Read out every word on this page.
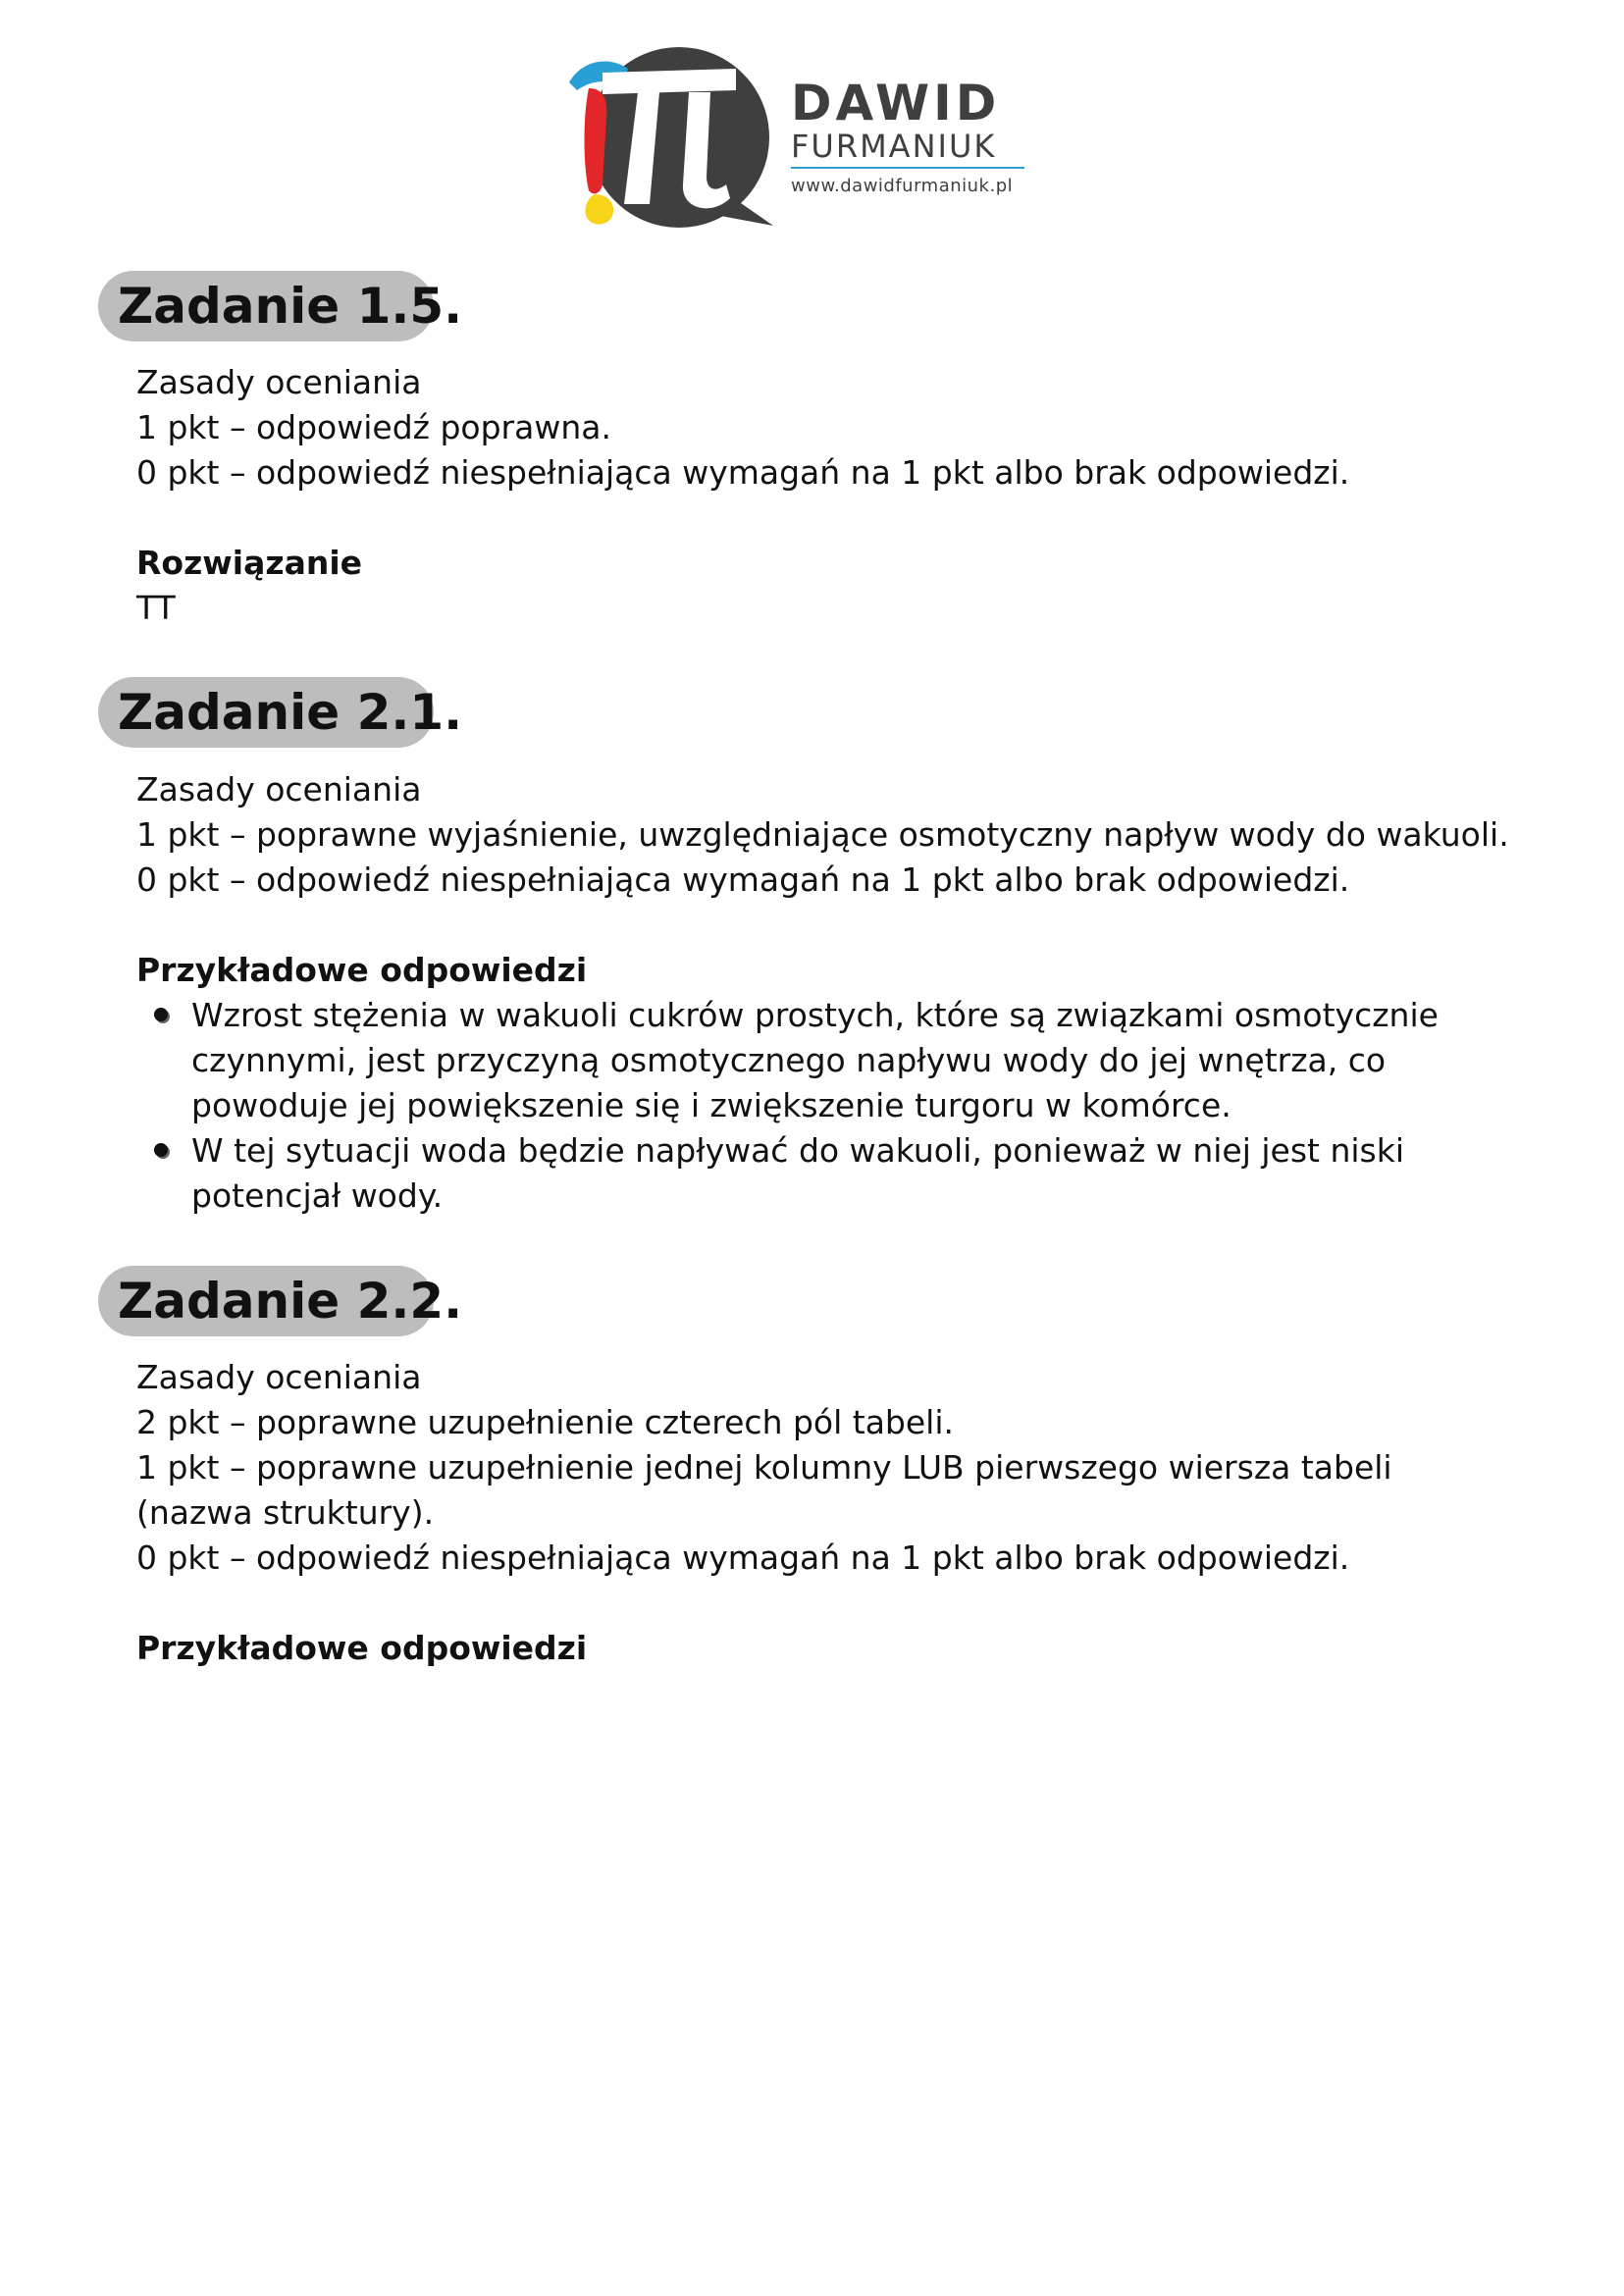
DAWID
FURMANIUK
www.dawidfurmaniuk.pl
Zadanie 1.5.
Zasady oceniania
1 pkt – odpowiedź poprawna.
0 pkt – odpowiedź niespełniająca wymagań na 1 pkt albo brak odpowiedzi.
Rozwiązanie
TT
Zadanie 2.1.
Zasady oceniania
1 pkt – poprawne wyjaśnienie, uwzględniające osmotyczny napływ wody do wakuoli.
0 pkt – odpowiedź niespełniająca wymagań na 1 pkt albo brak odpowiedzi.
Przykładowe odpowiedzi
Wzrost stężenia w wakuoli cukrów prostych, które są związkami osmotycznie czynnymi, jest przyczyną osmotycznego napływu wody do jej wnętrza, co powoduje jej powiększenie się i zwiększenie turgoru w komórce.
W tej sytuacji woda będzie napływać do wakuoli, ponieważ w niej jest niski potencjał wody.
Zadanie 2.2.
Zasady oceniania
2 pkt – poprawne uzupełnienie czterech pól tabeli.
1 pkt – poprawne uzupełnienie jednej kolumny LUB pierwszego wiersza tabeli (nazwa struktury).
0 pkt – odpowiedź niespełniająca wymagań na 1 pkt albo brak odpowiedzi.
Przykładowe odpowiedzi
